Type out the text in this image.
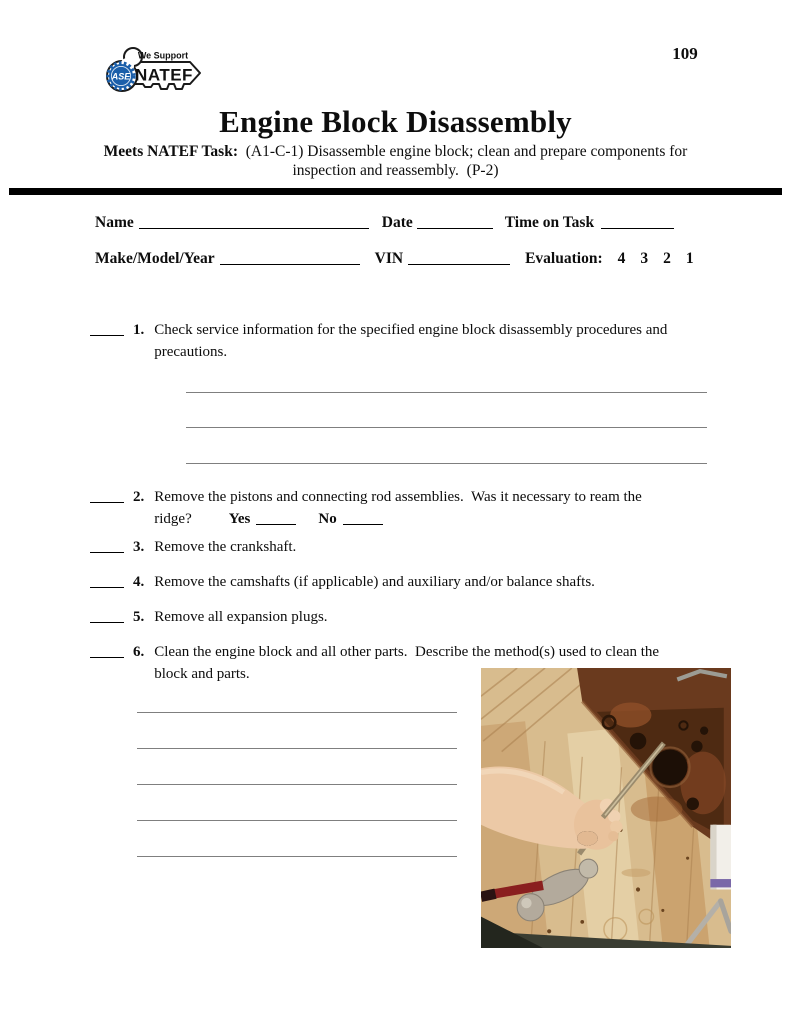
ASE
We Support
NATEF
109
Engine Block Disassembly
Meets NATEF Task:  (A1-C-1) Disassemble engine block; clean and prepare components for
inspection and reassembly.  (P-2)
Name	Date	Time on Task
Make/Model/Year	VIN	Evaluation: 4 3 2 1
1. Check service information for the specified engine block disassembly procedures and
precautions.
2. Remove the pistons and connecting rod assemblies.  Was it necessary to ream the
ridge? Yes	No
3. Remove the crankshaft.
4. Remove the camshafts (if applicable) and auxiliary and/or balance shafts.
5. Remove all expansion plugs.
6. Clean the engine block and all other parts.  Describe the method(s) used to clean the
block and parts.
